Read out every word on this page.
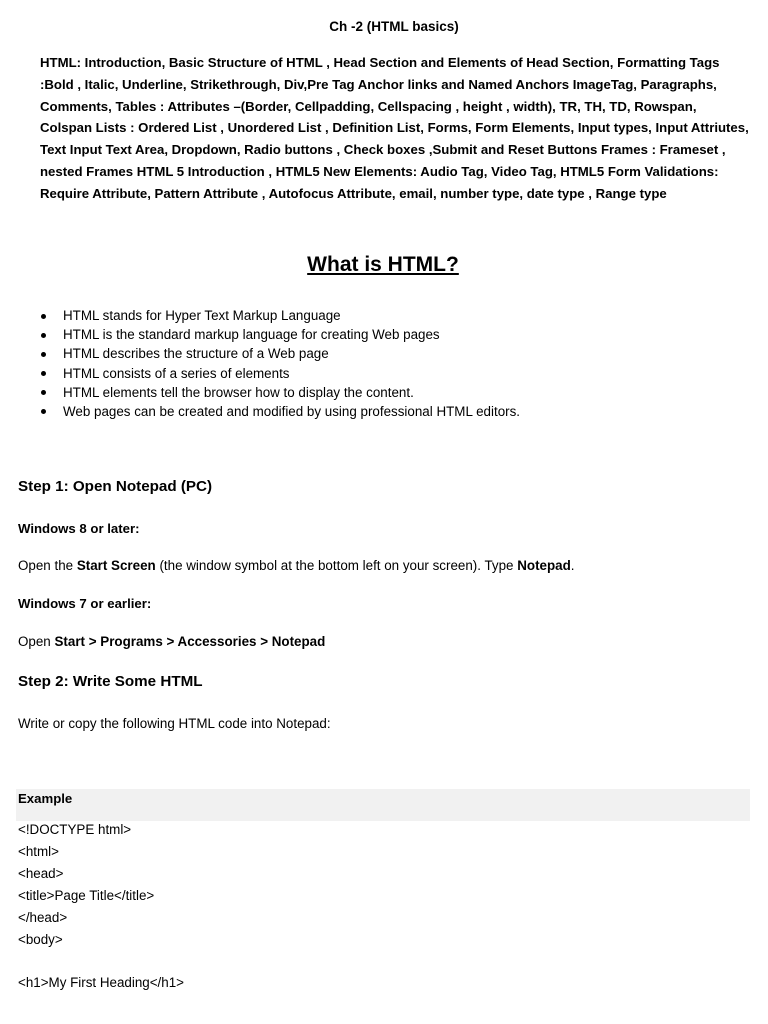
Ch -2 (HTML basics)

HTML: Introduction, Basic Structure of HTML , Head Section and Elements of Head Section, Formatting Tags :Bold , Italic, Underline, Strikethrough, Div,Pre Tag Anchor links and Named Anchors ImageTag, Paragraphs, Comments, Tables : Attributes –(Border, Cellpadding, Cellspacing , height , width), TR, TH, TD, Rowspan, Colspan Lists : Ordered List , Unordered List , Definition List, Forms, Form Elements, Input types, Input Attriutes, Text Input Text Area, Dropdown, Radio buttons , Check boxes ,Submit and Reset Buttons Frames : Frameset , nested Frames HTML 5 Introduction , HTML5 New Elements: Audio Tag, Video Tag, HTML5 Form Validations: Require Attribute, Pattern Attribute , Autofocus Attribute, email, number type, date type , Range type

What is HTML?
HTML stands for Hyper Text Markup Language
HTML is the standard markup language for creating Web pages
HTML describes the structure of a Web page
HTML consists of a series of elements
HTML elements tell the browser how to display the content.
Web pages can be created and modified by using professional HTML editors.
Step 1: Open Notepad (PC)
Windows 8 or later:
Open the Start Screen (the window symbol at the bottom left on your screen). Type Notepad.
Windows 7 or earlier:
Open Start > Programs > Accessories > Notepad
Step 2: Write Some HTML
Write or copy the following HTML code into Notepad:
Example
<!DOCTYPE html>
<html>
<head>
<title>Page Title</title>
</head>
<body>
<h1>My First Heading</h1>
